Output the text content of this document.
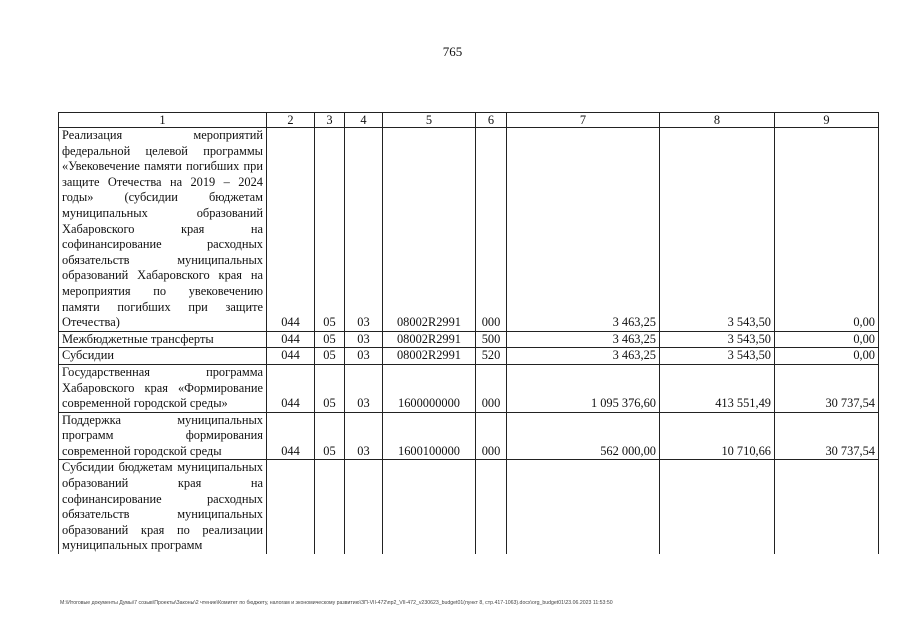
765
1	2	3	4	5	6	7	8	9
Реализация мероприятий федеральной целевой программы «Увековечение памяти погибших при защите Отечества на 2019 – 2024 годы» (субсидии бюджетам муниципальных образований Хабаровского края на софинансирование расходных обязательств муниципальных образований Хабаровского края на мероприятия по увековечению памяти погибших при защите Отечества)	044	05	03	08002R2991	000	3 463,25	3 543,50	0,00
Межбюджетные трансферты	044	05	03	08002R2991	500	3 463,25	3 543,50	0,00
Субсидии	044	05	03	08002R2991	520	3 463,25	3 543,50	0,00
Государственная программа Хабаровского края «Формирование современной городской среды»	044	05	03	1600000000	000	1 095 376,60	413 551,49	30 737,54
Поддержка муниципальных программ формирования современной городской среды	044	05	03	1600100000	000	562 000,00	10 710,66	30 737,54
Субсидии бюджетам муниципальных образований края на софинансирование расходных обязательств муниципальных образований края по реализации муниципальных программ								
М:\Итоговые документы Думы\7 созыв\Проекты\Законы\2 чтение\Комитет по бюджету, налогам и экономическому развитию\ЗП-VII-472\пр2_VII-472_v230623_budget01(пункт 8, стр.417-1063).docx\org_budget01\23.06.2023 11:53:50
